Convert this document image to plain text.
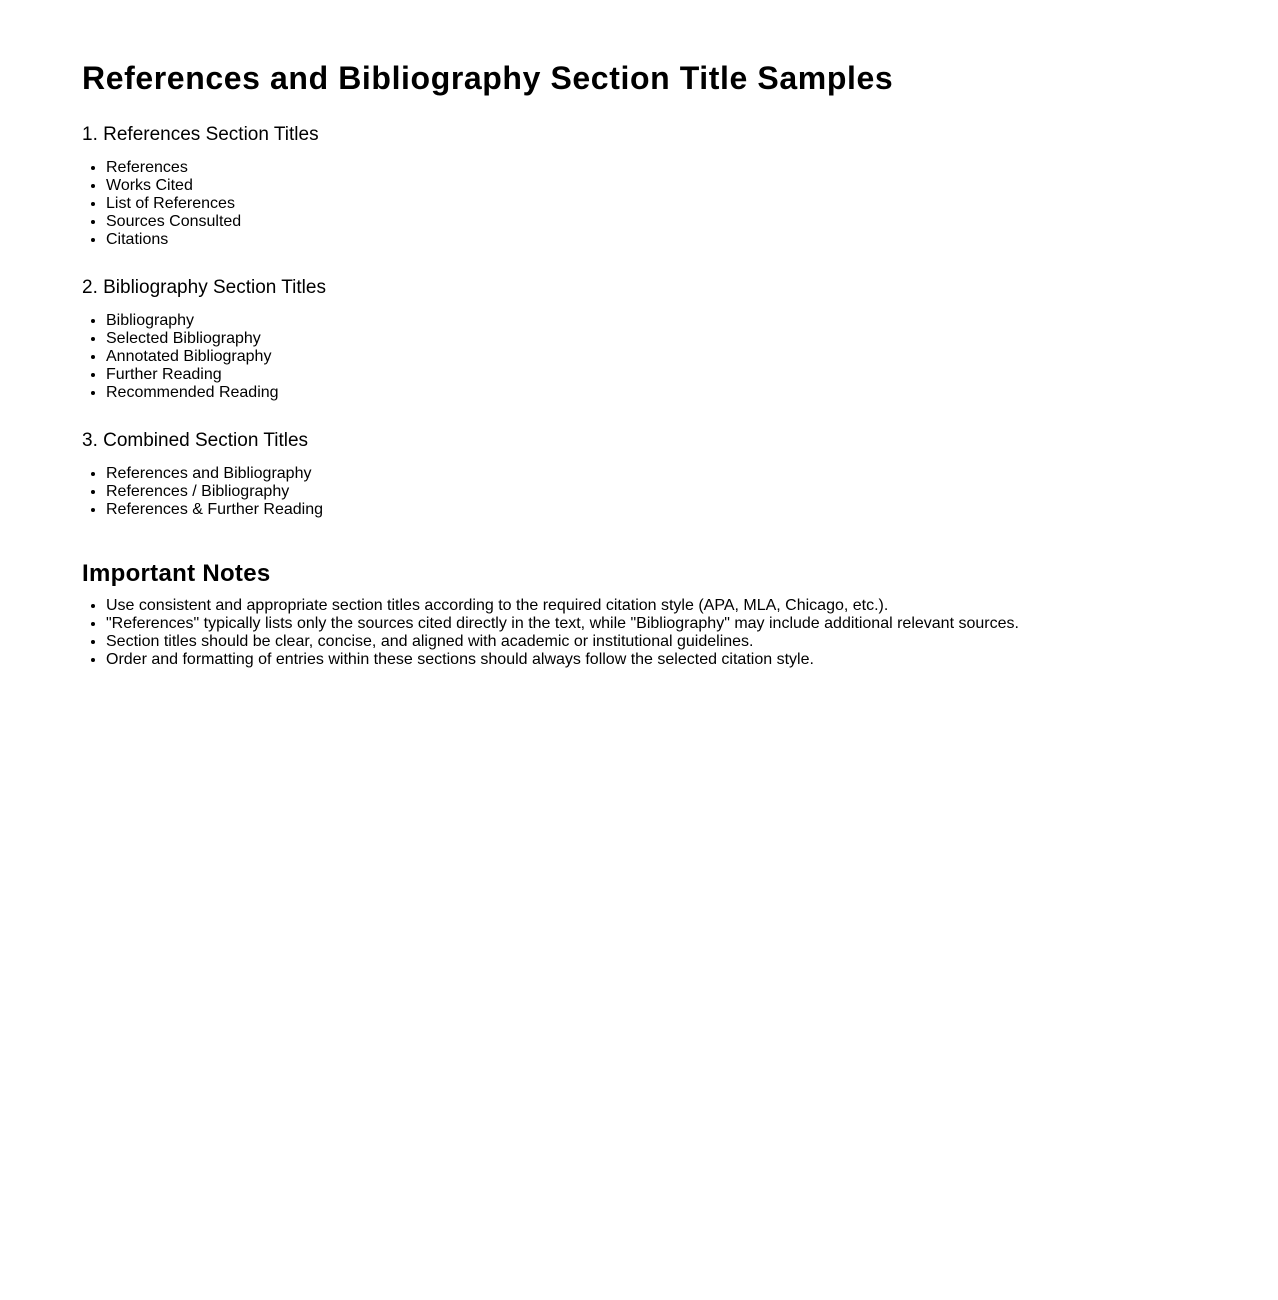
References and Bibliography Section Title Samples
1. References Section Titles
• References
• Works Cited
• List of References
• Sources Consulted
• Citations
2. Bibliography Section Titles
• Bibliography
• Selected Bibliography
• Annotated Bibliography
• Further Reading
• Recommended Reading
3. Combined Section Titles
• References and Bibliography
• References / Bibliography
• References & Further Reading
Important Notes
• Use consistent and appropriate section titles according to the required citation style (APA, MLA, Chicago, etc.).
• "References" typically lists only the sources cited directly in the text, while "Bibliography" may include additional relevant sources.
• Section titles should be clear, concise, and aligned with academic or institutional guidelines.
• Order and formatting of entries within these sections should always follow the selected citation style.
